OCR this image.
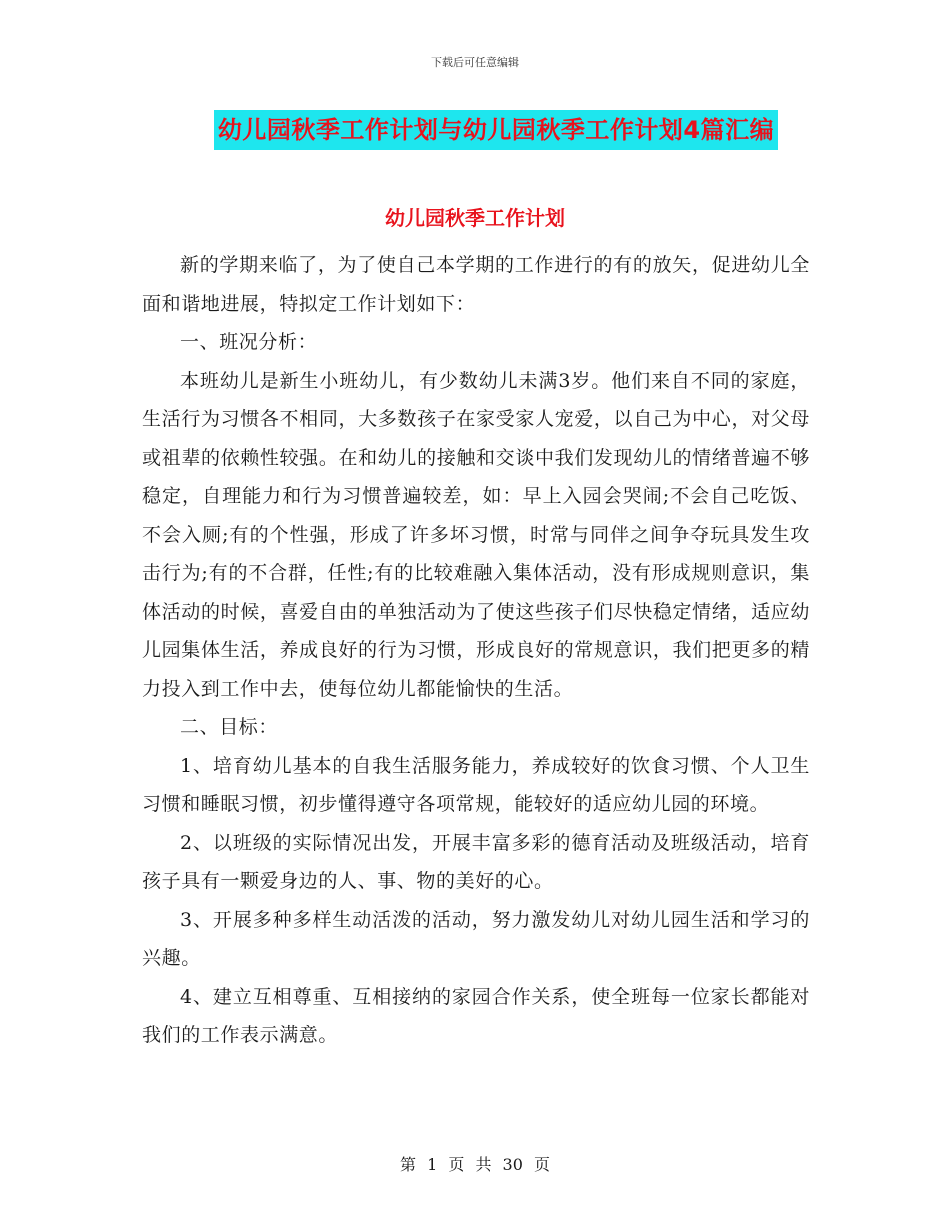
下载后可任意编辑
幼儿园秋季工作计划与幼儿园秋季工作计划4篇汇编
幼儿园秋季工作计划

新的学期来临了，为了使自己本学期的工作进行的有的放矢，促进幼儿全面和谐地进展，特拟定工作计划如下：

一、班况分析：

本班幼儿是新生小班幼儿，有少数幼儿未满3岁。他们来自不同的家庭，生活行为习惯各不相同，大多数孩子在家受家人宠爱，以自己为中心，对父母或祖辈的依赖性较强。在和幼儿的接触和交谈中我们发现幼儿的情绪普遍不够稳定，自理能力和行为习惯普遍较差，如：早上入园会哭闹;不会自己吃饭、不会入厕;有的个性强，形成了许多坏习惯，时常与同伴之间争夺玩具发生攻击行为;有的不合群，任性;有的比较难融入集体活动，没有形成规则意识，集体活动的时候，喜爱自由的单独活动为了使这些孩子们尽快稳定情绪，适应幼儿园集体生活，养成良好的行为习惯，形成良好的常规意识，我们把更多的精力投入到工作中去，使每位幼儿都能愉快的生活。

二、目标：

1、培育幼儿基本的自我生活服务能力，养成较好的饮食习惯、个人卫生习惯和睡眠习惯，初步懂得遵守各项常规，能较好的适应幼儿园的环境。

2、以班级的实际情况出发，开展丰富多彩的德育活动及班级活动，培育孩子具有一颗爱身边的人、事、物的美好的心。

3、开展多种多样生动活泼的活动，努力激发幼儿对幼儿园生活和学习的兴趣。

4、建立互相尊重、互相接纳的家园合作关系，使全班每一位家长都能对我们的工作表示满意。

第 1 页 共 30 页
